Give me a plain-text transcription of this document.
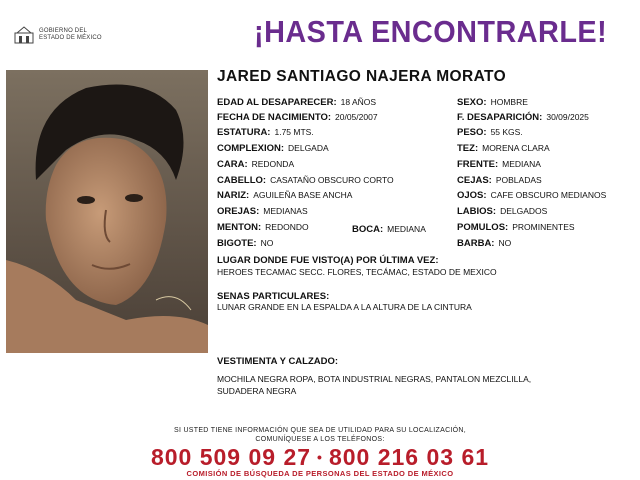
GOBIERNO DEL
ESTADO DE MÉXICO	¡HASTA ENCONTRARLE!
JARED SANTIAGO NAJERA MORATO
EDAD AL DESAPARECER: 18 AÑOS
FECHA DE NACIMIENTO: 20/05/2007
ESTATURA: 1.75 MTS.
COMPLEXION: DELGADA
CARA: REDONDA
CABELLO: CASATAÑO OBSCURO CORTO
NARIZ: AGUILEÑA BASE ANCHA
OREJAS: MEDIANAS
MENTON: REDONDO	BOCA: MEDIANA
BIGOTE: NO
SEXO: HOMBRE
F. DESAPARICIÓN: 30/09/2025
PESO: 55 KGS.
TEZ: MORENA CLARA
FRENTE: MEDIANA
CEJAS: POBLADAS
OJOS: CAFE OBSCURO MEDIANOS
LABIOS: DELGADOS
POMULOS: PROMINENTES
BARBA: NO
LUGAR DONDE FUE VISTO(A) POR ÚLTIMA VEZ:
HEROES TECAMAC SECC. FLORES, TECÁMAC, ESTADO DE MEXICO
SENAS PARTICULARES:
LUNAR GRANDE EN LA ESPALDA A LA ALTURA DE LA CINTURA
VESTIMENTA Y CALZADO:
MOCHILA NEGRA ROPA, BOTA INDUSTRIAL NEGRAS, PANTALON MEZCLILLA,
SUDADERA NEGRA
SI USTED TIENE INFORMACIÓN QUE SEA DE UTILIDAD PARA SU LOCALIZACIÓN,
COMUNÍQUESE A LOS TELÉFONOS:
800 509 09 27 • 800 216 03 61
COMISIÓN DE BÚSQUEDA DE PERSONAS DEL ESTADO DE MÉXICO
